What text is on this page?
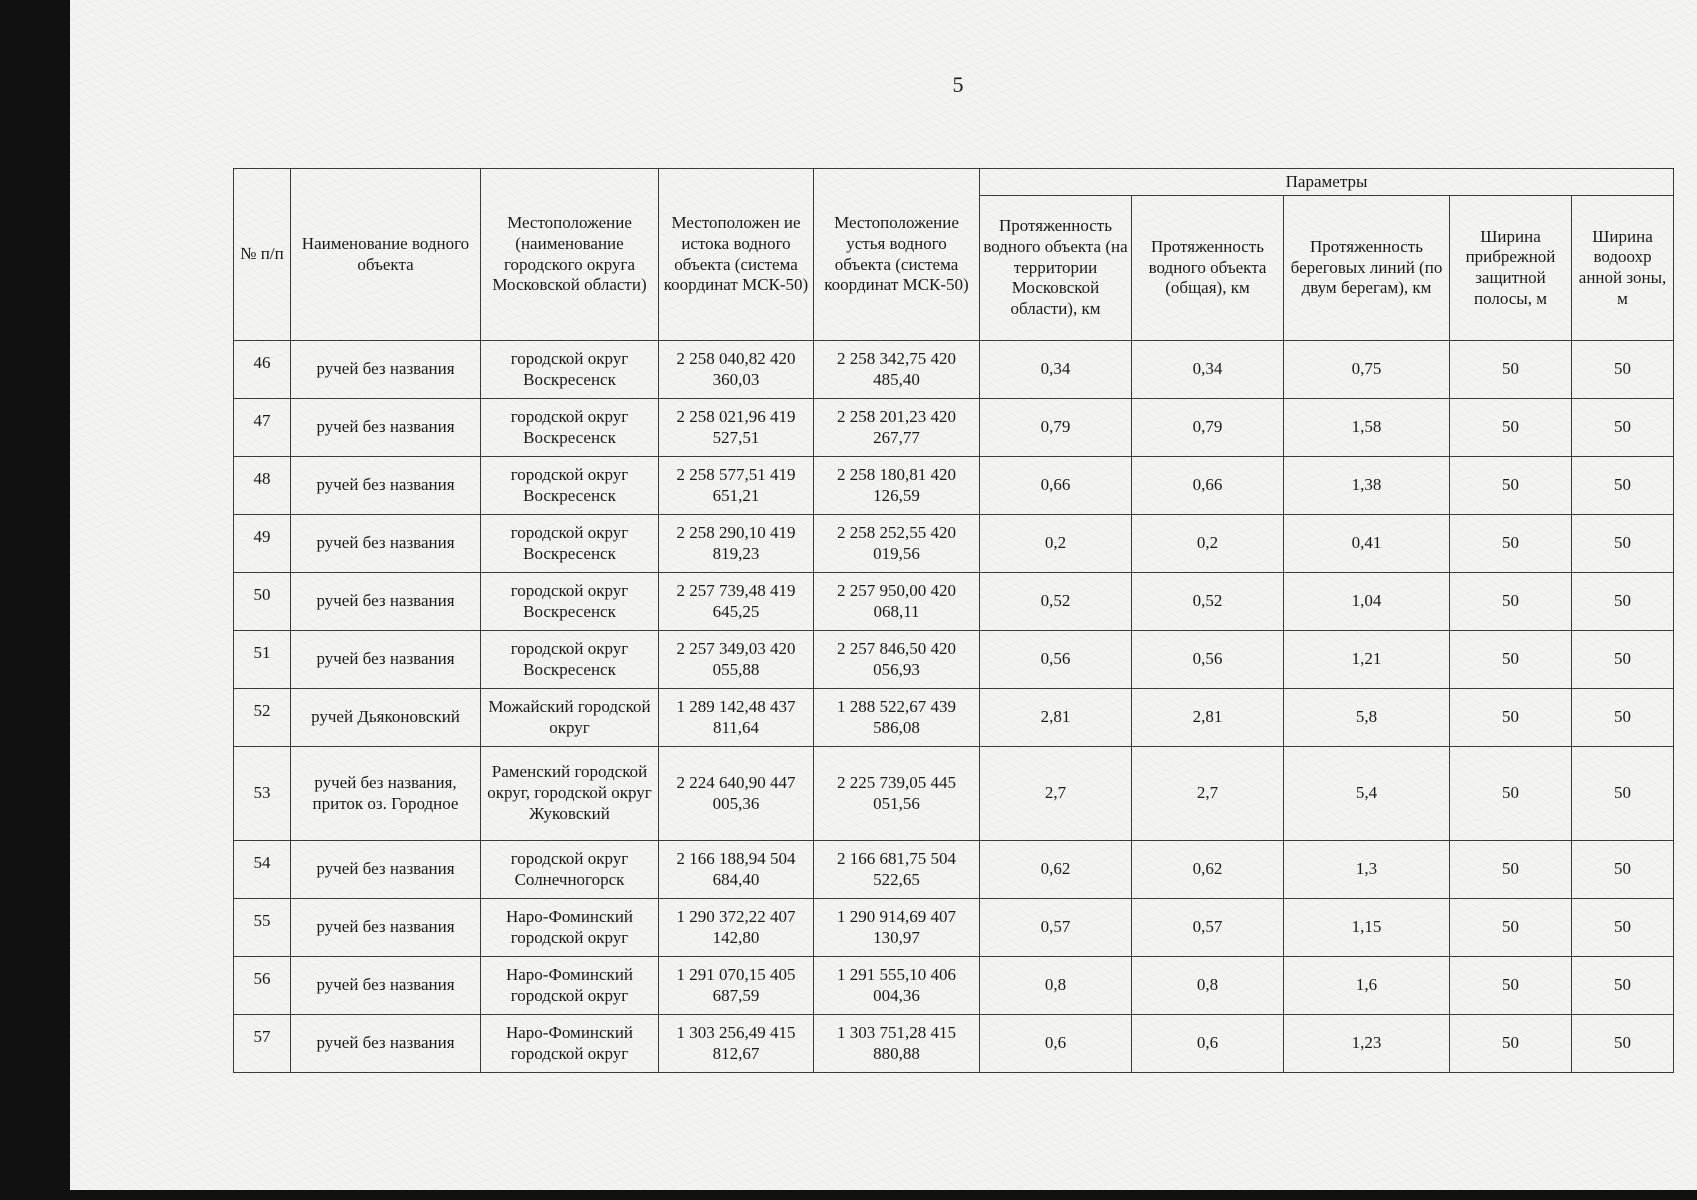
5
№ п/п	Наименование водного объекта	Местоположение (наименование городского округа Московской области)	Местоположен ие истока водного объекта (система координат МСК-50)	Местоположение устья водного объекта (система координат МСК-50)	Параметры				
					Протяженность водного объекта (на территории Московской области), км	Протяженность водного объекта (общая), км	Протяженность береговых линий (по двум берегам), км	Ширина прибрежной защитной полосы, м	Ширина водоохр анной зоны, м
46	ручей без названия	городской округ Воскресенск	2 258 040,82 420 360,03	2 258 342,75 420 485,40	0,34	0,34	0,75	50	50
47	ручей без названия	городской округ Воскресенск	2 258 021,96 419 527,51	2 258 201,23 420 267,77	0,79	0,79	1,58	50	50
48	ручей без названия	городской округ Воскресенск	2 258 577,51 419 651,21	2 258 180,81 420 126,59	0,66	0,66	1,38	50	50
49	ручей без названия	городской округ Воскресенск	2 258 290,10 419 819,23	2 258 252,55 420 019,56	0,2	0,2	0,41	50	50
50	ручей без названия	городской округ Воскресенск	2 257 739,48 419 645,25	2 257 950,00 420 068,11	0,52	0,52	1,04	50	50
51	ручей без названия	городской округ Воскресенск	2 257 349,03 420 055,88	2 257 846,50 420 056,93	0,56	0,56	1,21	50	50
52	ручей Дьяконовский	Можайский городской округ	1 289 142,48 437 811,64	1 288 522,67 439 586,08	2,81	2,81	5,8	50	50
53	ручей без названия, приток оз. Городное	Раменский городской округ, городской округ Жуковский	2 224 640,90 447 005,36	2 225 739,05 445 051,56	2,7	2,7	5,4	50	50
54	ручей без названия	городской округ Солнечногорск	2 166 188,94 504 684,40	2 166 681,75 504 522,65	0,62	0,62	1,3	50	50
55	ручей без названия	Наро-Фоминский городской округ	1 290 372,22 407 142,80	1 290 914,69 407 130,97	0,57	0,57	1,15	50	50
56	ручей без названия	Наро-Фоминский городской округ	1 291 070,15 405 687,59	1 291 555,10 406 004,36	0,8	0,8	1,6	50	50
57	ручей без названия	Наро-Фоминский городской округ	1 303 256,49 415 812,67	1 303 751,28 415 880,88	0,6	0,6	1,23	50	50
